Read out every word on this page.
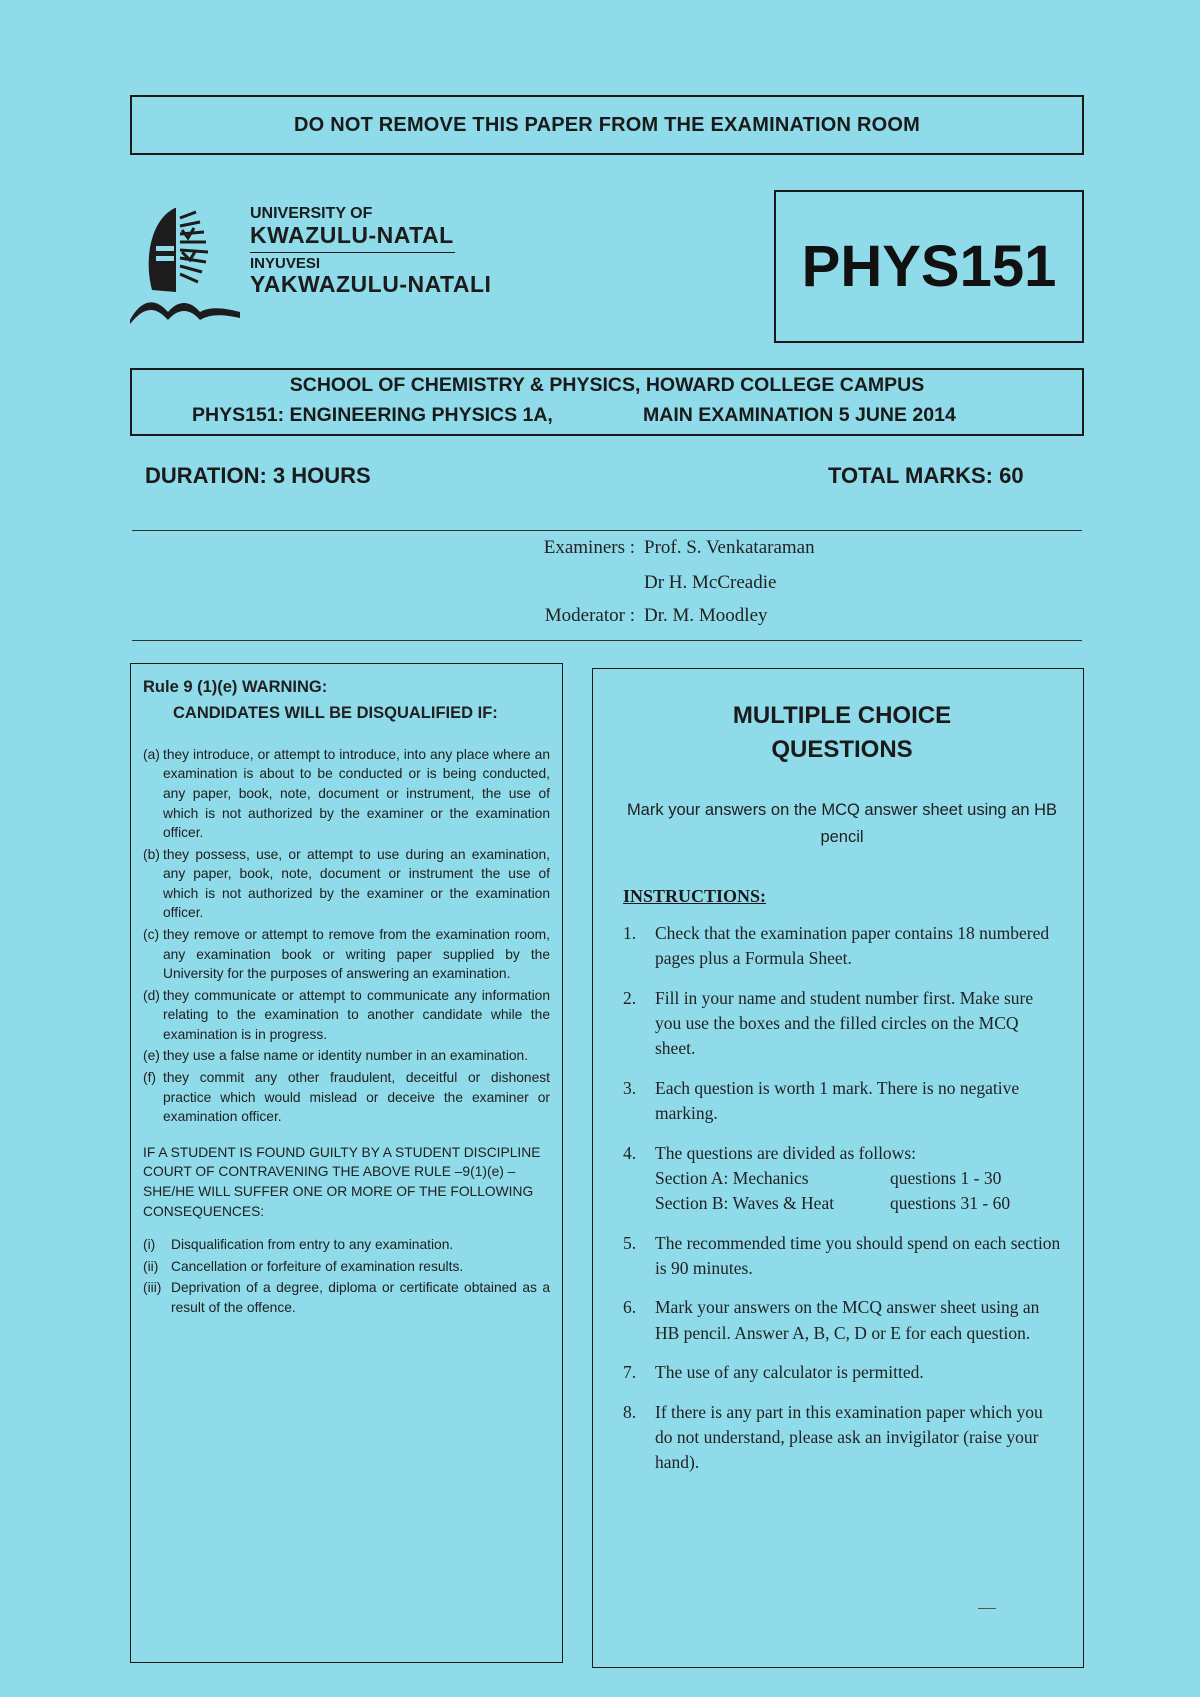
DO NOT REMOVE THIS PAPER FROM THE EXAMINATION ROOM
UNIVERSITY OF
KWAZULU-NATAL
INYUVESI
YAKWAZULU-NATALI	PHYS151
SCHOOL OF CHEMISTRY & PHYSICS, HOWARD COLLEGE CAMPUS
PHYS151: ENGINEERING PHYSICS 1A,	MAIN EXAMINATION 5 JUNE 2014
DURATION: 3 HOURS	TOTAL MARKS: 60
Examiners : Prof. S. Venkataraman
Dr H. McCreadie
Moderator : Dr. M. Moodley
Rule 9 (1)(e) WARNING:
CANDIDATES WILL BE DISQUALIFIED IF:
(a) they introduce, or attempt to introduce, into any place where an examination is about to be conducted or is being conducted, any paper, book, note, document or instrument, the use of which is not authorized by the examiner or the examination officer.
(b) they possess, use, or attempt to use during an examination, any paper, book, note, document or instrument the use of which is not authorized by the examiner or the examination officer.
(c) they remove or attempt to remove from the examination room, any examination book or writing paper supplied by the University for the purposes of answering an examination.
(d) they communicate or attempt to communicate any information relating to the examination to another candidate while the examination is in progress.
(e) they use a false name or identity number in an examination.
(f) they commit any other fraudulent, deceitful or dishonest practice which would mislead or deceive the examiner or examination officer.
IF A STUDENT IS FOUND GUILTY BY A STUDENT DISCIPLINE COURT OF CONTRAVENING THE ABOVE RULE –9(1)(e) – SHE/HE WILL SUFFER ONE OR MORE OF THE FOLLOWING CONSEQUENCES:
(i)	Disqualification from entry to any examination.
(ii) Cancellation or forfeiture of examination results.
(iii) Deprivation of a degree, diploma or certificate obtained as a result of the offence.
MULTIPLE CHOICE QUESTIONS
Mark your answers on the MCQ answer sheet using an HB pencil
INSTRUCTIONS:
1.	Check that the examination paper contains 18 numbered pages plus a Formula Sheet.
2.	Fill in your name and student number first. Make sure you use the boxes and the filled circles on the MCQ sheet.
3.	Each question is worth 1 mark. There is no negative marking.
4.	The questions are divided as follows:
Section A: Mechanics	questions 1 - 30
Section B: Waves & Heat	questions 31 - 60
5.	The recommended time you should spend on each section is 90 minutes.
6.	Mark your answers on the MCQ answer sheet using an HB pencil. Answer A, B, C, D or E for each question.
7.	The use of any calculator is permitted.
8.	If there is any part in this examination paper which you do not understand, please ask an invigilator (raise your hand).
